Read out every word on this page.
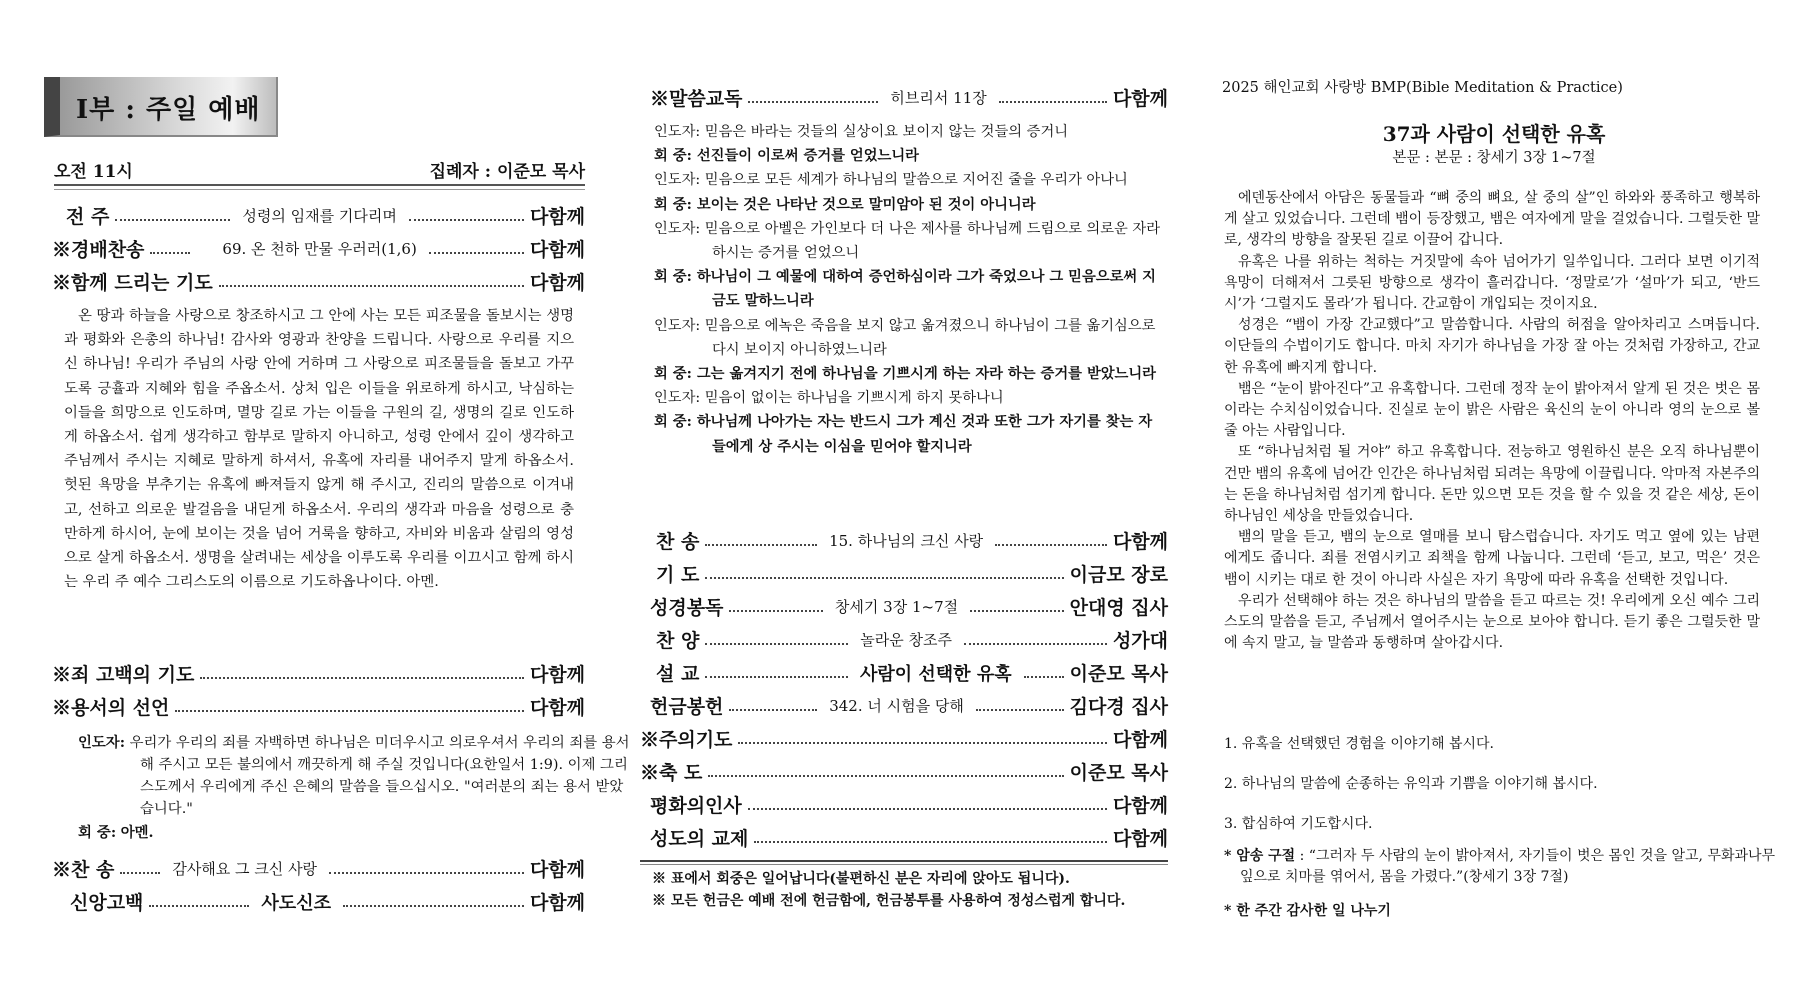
I부 : 주일 예배
오전 11시	집례자 : 이준모 목사
전 주	성령의 임재를 기다리며	다함께
※경배찬송	69. 온 천하 만물 우러러(1,6)	다함께
※함께 드리는 기도	다함께
온 땅과 하늘을 사랑으로 창조하시고 그 안에 사는 모든 피조물을 돌보시는 생명과 평화와 은총의 하나님! 감사와 영광과 찬양을 드립니다. 사랑으로 우리를 지으신 하나님! 우리가 주님의 사랑 안에 거하며 그 사랑으로 피조물들을 돌보고 가꾸도록 긍휼과 지혜와 힘을 주옵소서. 상처 입은 이들을 위로하게 하시고, 낙심하는 이들을 희망으로 인도하며, 멸망 길로 가는 이들을 구원의 길, 생명의 길로 인도하게 하옵소서. 쉽게 생각하고 함부로 말하지 아니하고, 성령 안에서 깊이 생각하고 주님께서 주시는 지혜로 말하게 하셔서, 유혹에 자리를 내어주지 말게 하옵소서. 헛된 욕망을 부추기는 유혹에 빠져들지 않게 해 주시고, 진리의 말씀으로 이겨내고, 선하고 의로운 발걸음을 내딛게 하옵소서. 우리의 생각과 마음을 성령으로 충만하게 하시어, 눈에 보이는 것을 넘어 거룩을 향하고, 자비와 비움과 살림의 영성으로 살게 하옵소서. 생명을 살려내는 세상을 이루도록 우리를 이끄시고 함께 하시는 우리 주 예수 그리스도의 이름으로 기도하옵나이다. 아멘.
※죄 고백의 기도	다함께
※용서의 선언	다함께
인도자: 우리가 우리의 죄를 자백하면 하나님은 미더우시고 의로우셔서 우리의 죄를 용서해 주시고 모든 불의에서 깨끗하게 해 주실 것입니다(요한일서 1:9). 이제 그리스도께서 우리에게 주신 은혜의 말씀을 들으십시오. "여러분의 죄는 용서 받았습니다."
회 중: 아멘.
※찬 송	감사해요 그 크신 사랑	다함께
신앙고백	사도신조	다함께
※말씀교독	히브리서 11장	다함께
인도자: 믿음은 바라는 것들의 실상이요 보이지 않는 것들의 증거니
회 중: 선진들이 이로써 증거를 얻었느니라
인도자: 믿음으로 모든 세계가 하나님의 말씀으로 지어진 줄을 우리가 아나니
회 중: 보이는 것은 나타난 것으로 말미암아 된 것이 아니니라
인도자: 믿음으로 아벨은 가인보다 더 나은 제사를 하나님께 드림으로 의로운 자라 하시는 증거를 얻었으니
회 중: 하나님이 그 예물에 대하여 증언하심이라 그가 죽었으나 그 믿음으로써 지금도 말하느니라
인도자: 믿음으로 에녹은 죽음을 보지 않고 옮겨졌으니 하나님이 그를 옮기심으로 다시 보이지 아니하였느니라
회 중: 그는 옮겨지기 전에 하나님을 기쁘시게 하는 자라 하는 증거를 받았느니라
인도자: 믿음이 없이는 하나님을 기쁘시게 하지 못하나니
회 중: 하나님께 나아가는 자는 반드시 그가 계신 것과 또한 그가 자기를 찾는 자들에게 상 주시는 이심을 믿어야 할지니라
찬 송	15. 하나님의 크신 사랑	다함께
기 도	이금모 장로
성경봉독	창세기 3장 1~7절	안대영 집사
찬 양	놀라운 창조주	성가대
설 교	사람이 선택한 유혹	이준모 목사
헌금봉헌	342. 너 시험을 당해	김다경 집사
※주의기도	다함께
※축 도	이준모 목사
평화의인사	다함께
성도의 교제	다함께
※ 표에서 회중은 일어납니다(불편하신 분은 자리에 앉아도 됩니다).
※ 모든 헌금은 예배 전에 헌금함에, 헌금봉투를 사용하여 정성스럽게 합니다.
2025 해인교회 사랑방 BMP(Bible Meditation & Practice)
37과 사람이 선택한 유혹
본문 : 본문 : 창세기 3장 1~7절
에덴동산에서 아담은 동물들과 “뼈 중의 뼈요, 살 중의 살”인 하와와 풍족하고 행복하게 살고 있었습니다. 그런데 뱀이 등장했고, 뱀은 여자에게 말을 걸었습니다. 그럴듯한 말로, 생각의 방향을 잘못된 길로 이끌어 갑니다.
유혹은 나를 위하는 척하는 거짓말에 속아 넘어가기 일쑤입니다. 그러다 보면 이기적 욕망이 더해져서 그릇된 방향으로 생각이 흘러갑니다. ‘정말로’가 ‘설마’가 되고, ‘반드시’가 ‘그럴지도 몰라’가 됩니다. 간교함이 개입되는 것이지요.
성경은 “뱀이 가장 간교했다”고 말씀합니다. 사람의 허점을 알아차리고 스며듭니다. 이단들의 수법이기도 합니다. 마치 자기가 하나님을 가장 잘 아는 것처럼 가장하고, 간교한 유혹에 빠지게 합니다.
뱀은 “눈이 밝아진다”고 유혹합니다. 그런데 정작 눈이 밝아져서 알게 된 것은 벗은 몸이라는 수치심이었습니다. 진실로 눈이 밝은 사람은 육신의 눈이 아니라 영의 눈으로 볼 줄 아는 사람입니다.
또 “하나님처럼 될 거야” 하고 유혹합니다. 전능하고 영원하신 분은 오직 하나님뿐이건만 뱀의 유혹에 넘어간 인간은 하나님처럼 되려는 욕망에 이끌립니다. 악마적 자본주의는 돈을 하나님처럼 섬기게 합니다. 돈만 있으면 모든 것을 할 수 있을 것 같은 세상, 돈이 하나님인 세상을 만들었습니다.
뱀의 말을 듣고, 뱀의 눈으로 열매를 보니 탐스럽습니다. 자기도 먹고 옆에 있는 남편에게도 줍니다. 죄를 전염시키고 죄책을 함께 나눕니다. 그런데 ‘듣고, 보고, 먹은’ 것은 뱀이 시키는 대로 한 것이 아니라 사실은 자기 욕망에 따라 유혹을 선택한 것입니다.
우리가 선택해야 하는 것은 하나님의 말씀을 듣고 따르는 것! 우리에게 오신 예수 그리스도의 말씀을 듣고, 주님께서 열어주시는 눈으로 보아야 합니다. 듣기 좋은 그럴듯한 말에 속지 말고, 늘 말씀과 동행하며 살아갑시다.
1. 유혹을 선택했던 경험을 이야기해 봅시다.
2. 하나님의 말씀에 순종하는 유익과 기쁨을 이야기해 봅시다.
3. 합심하여 기도합시다.
* 암송 구절 : “그러자 두 사람의 눈이 밝아져서, 자기들이 벗은 몸인 것을 알고, 무화과나무 잎으로 치마를 엮어서, 몸을 가렸다.”(창세기 3장 7절)
* 한 주간 감사한 일 나누기
